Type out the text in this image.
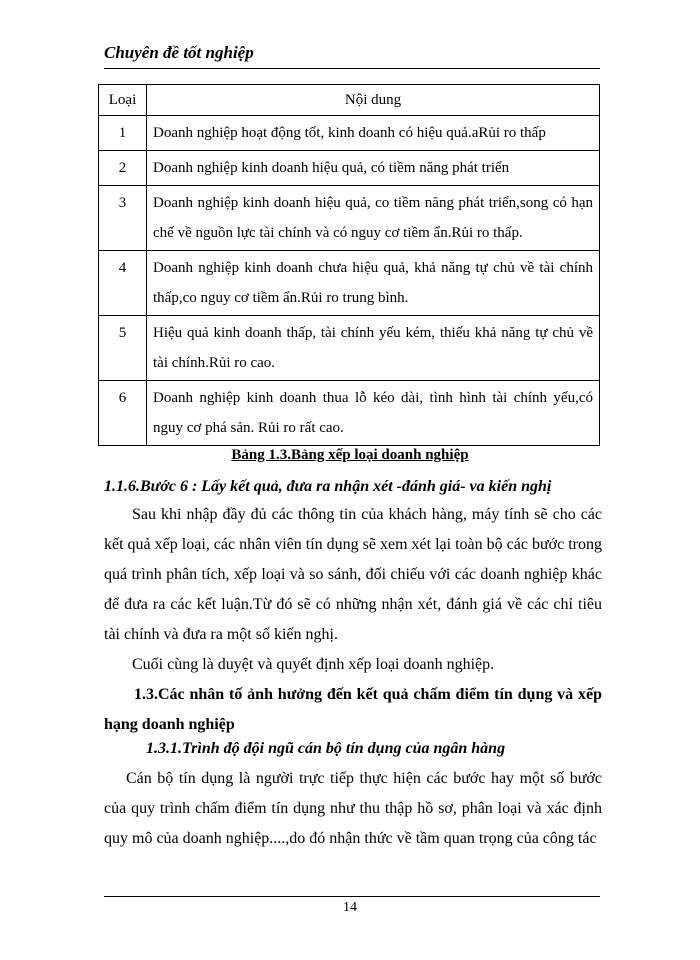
Chuyên đề tốt nghiệp
Loại	Nội dung
1	Doanh nghiệp hoạt động tốt, kinh doanh có hiệu quả.aRủi ro thấp
2	Doanh nghiệp kinh doanh hiệu quả, có tiềm năng phát triển
3	Doanh nghiệp kinh doanh hiệu quả, co tiềm năng phát triển,song có hạn chế về nguồn lực tài chính và có nguy cơ tiềm ẩn.Rủi ro thấp.
4	Doanh nghiệp kinh doanh chưa hiệu quả, khả năng tự chủ về tài chính thấp,co nguy cơ tiềm ẩn.Rủi ro trung bình.
5	Hiệu quả kinh doanh thấp, tài chính yếu kém, thiếu khả năng tự chủ về tài chính.Rủi ro cao.
6	Doanh nghiệp kinh doanh thua lỗ kéo dài, tình hình tài chính yếu,có nguy cơ phá sản. Rủi ro rất cao.
Bảng 1.3.Bảng xếp loại doanh nghiệp
1.1.6.Bước 6 : Lấy kết quả, đưa ra nhận xét -đánh giá- va kiến nghị
Sau khi nhập đầy đủ các thông tin của khách hàng, máy tính sẽ cho các kết quả xếp loại, các nhân viên tín dụng sẽ xem xét lại toàn bộ các bước trong quá trình phân tích, xếp loại và so sánh, đối chiếu với các doanh nghiệp khác để đưa ra các kết luận.Từ đó sẽ có những nhận xét, đánh giá về các chỉ tiêu tài chính và đưa ra một số kiến nghị.
Cuối cùng là duyệt và quyết định xếp loại doanh nghiệp.
1.3.Các nhân tố ảnh hưởng đến kết quả chấm điểm tín dụng và xếp hạng doanh nghiệp
1.3.1.Trình độ đội ngũ cán bộ tín dụng của ngân hàng
Cán bộ tín dụng là người trực tiếp thực hiện các bước hay một số bước của quy trình chấm điểm tín dụng như thu thập hồ sơ, phân loại và xác định quy mô của doanh nghiệp....,do đó nhận thức về tầm quan trọng của công tác
14
